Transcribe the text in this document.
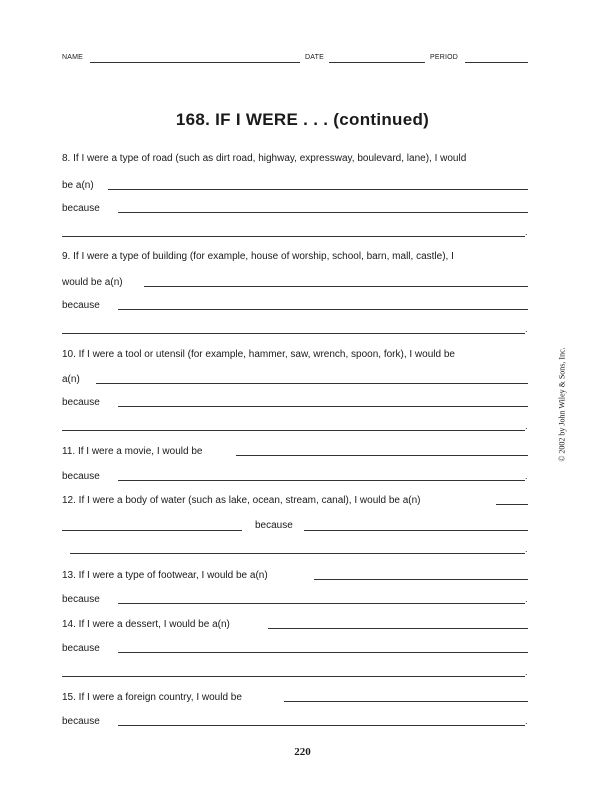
NAME	DATE	PERIOD
168. IF I WERE . . . (continued)
8. If I were a type of road (such as dirt road, highway, expressway, boulevard, lane), I would
be a(n)
because
.
9. If I were a type of building (for example, house of worship, school, barn, mall, castle), I
would be a(n)
because
.
10. If I were a tool or utensil (for example, hammer, saw, wrench, spoon, fork), I would be
a(n)
because
.
11. If I were a movie, I would be
because	.
12. If I were a body of water (such as lake, ocean, stream, canal), I would be a(n)
because
.
13. If I were a type of footwear, I would be a(n)
because	.
14. If I were a dessert, I would be a(n)
because
.
15. If I were a foreign country, I would be
because	.
© 2002 by John Wiley & Sons, Inc.
220
